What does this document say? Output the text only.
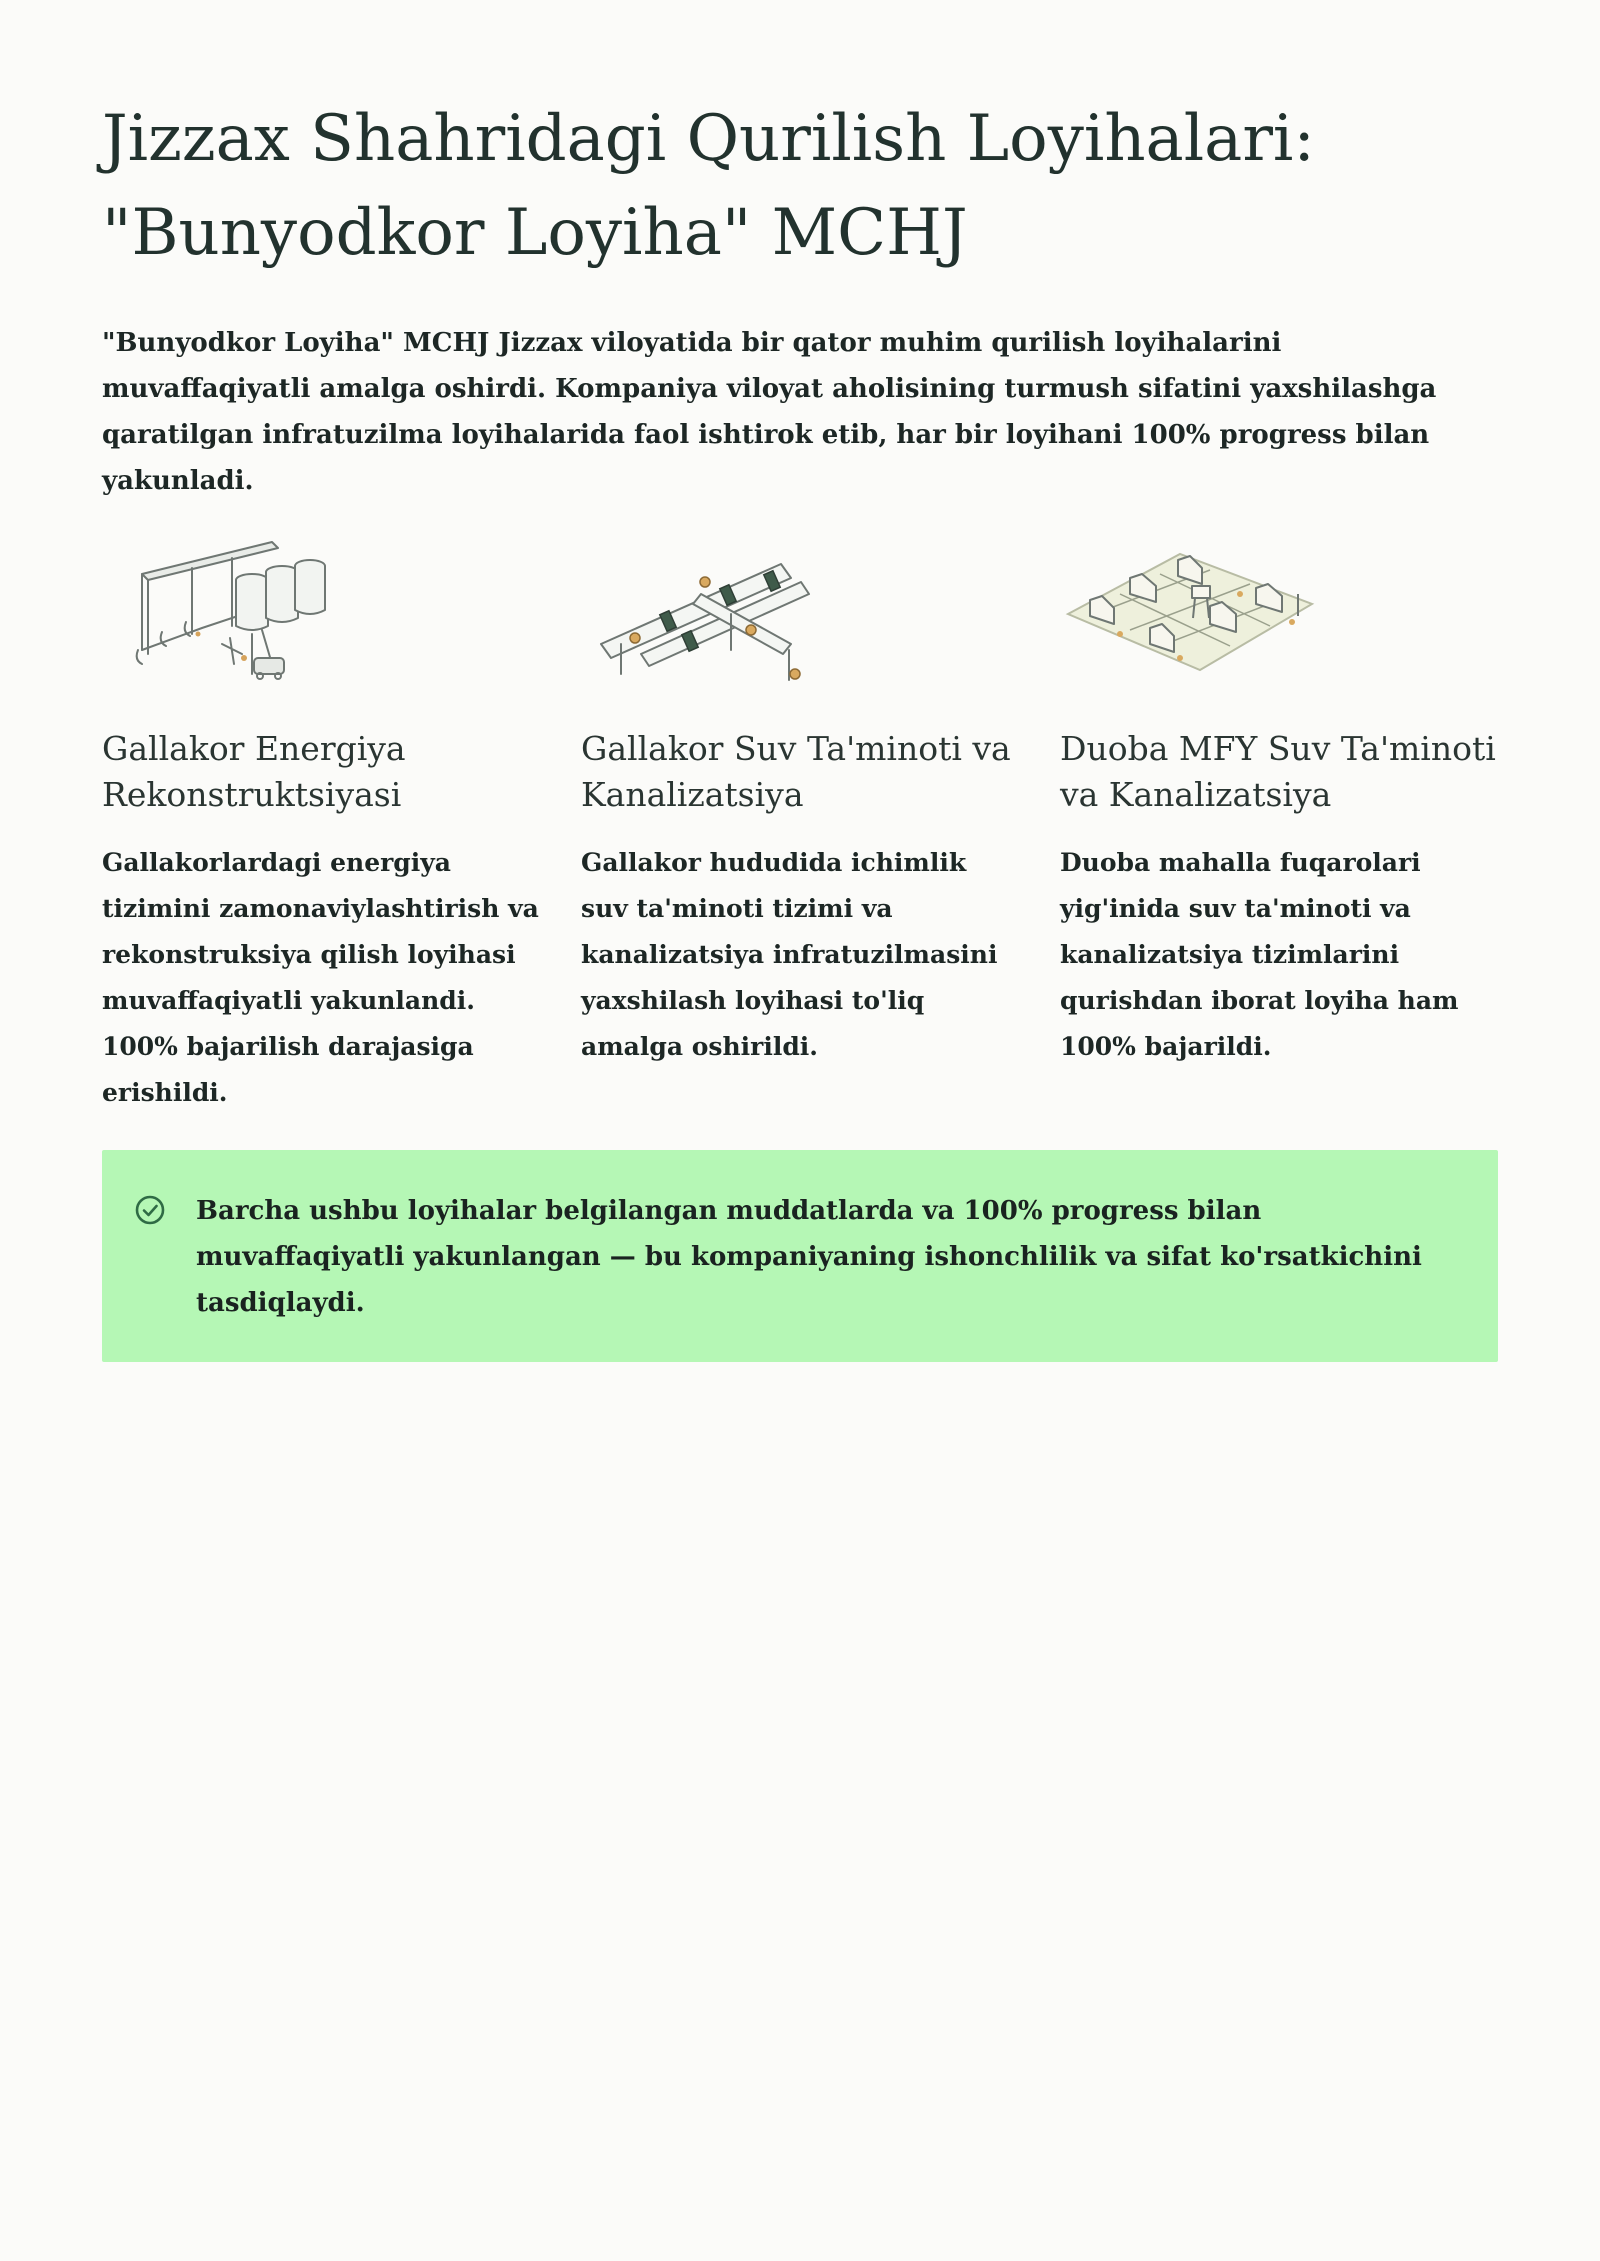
Jizzax Shahridagi Qurilish Loyihalari: "Bunyodkor Loyiha" MCHJ

"Bunyodkor Loyiha" MCHJ Jizzax viloyatida bir qator muhim qurilish loyihalarini muvaffaqiyatli amalga oshirdi. Kompaniya viloyat aholisining turmush sifatini yaxshilashga qaratilgan infratuzilma loyihalarida faol ishtirok etib, har bir loyihani 100% progress bilan yakunladi.

Gallakor Energiya Rekonstruktsiyasi

Gallakorlardagi energiya tizimini zamonaviylashtirish va rekonstruksiya qilish loyihasi muvaffaqiyatli yakunlandi. 100% bajarilish darajasiga erishildi.

Gallakor Suv Ta'minoti va Kanalizatsiya

Gallakor hududida ichimlik suv ta'minoti tizimi va kanalizatsiya infratuzilmasini yaxshilash loyihasi to'liq amalga oshirildi.

Duoba MFY Suv Ta'minoti va Kanalizatsiya

Duoba mahalla fuqarolari yig'inida suv ta'minoti va kanalizatsiya tizimlarini qurishdan iborat loyiha ham 100% bajarildi.

Barcha ushbu loyihalar belgilangan muddatlarda va 100% progress bilan muvaffaqiyatli yakunlangan — bu kompaniyaning ishonchlilik va sifat ko'rsatkichini tasdiqlaydi.
